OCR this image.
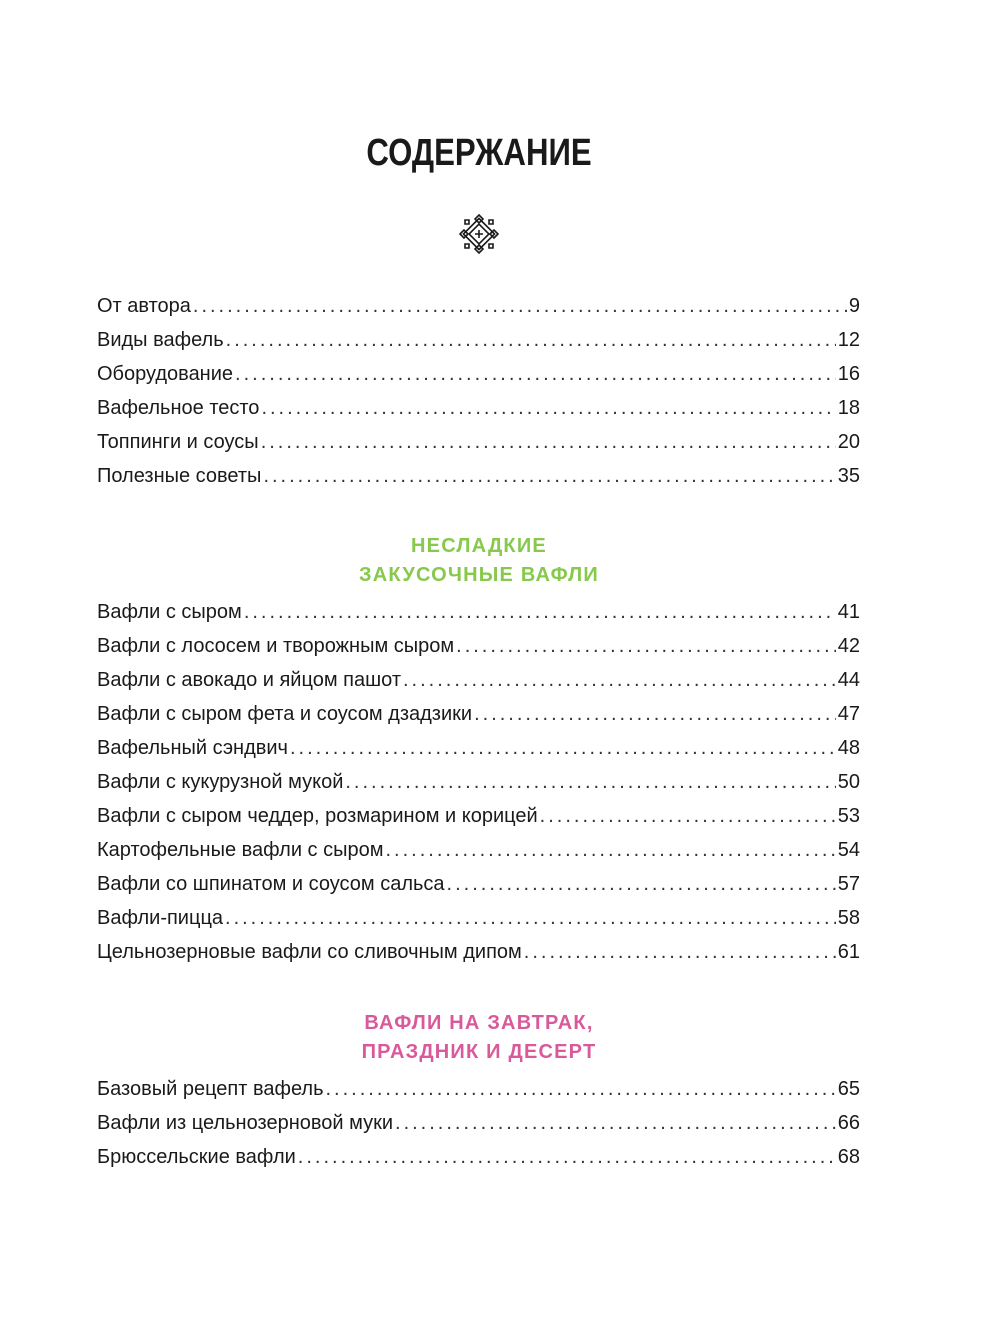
СОДЕРЖАНИЕ
От автора .....	9
Виды вафель .....	12
Оборудование .....	16
Вафельное тесто .....	18
Топпинги и соусы .....	20
Полезные советы .....	35
НЕСЛАДКИЕ
ЗАКУСОЧНЫЕ ВАФЛИ
Вафли с сыром .....	41
Вафли с лососем и творожным сыром .....	42
Вафли с авокадо и яйцом пашот .....	44
Вафли с сыром фета и соусом дзадзики .....	47
Вафельный сэндвич .....	48
Вафли с кукурузной мукой .....	50
Вафли с сыром чеддер, розмарином и корицей .....	53
Картофельные вафли с сыром .....	54
Вафли со шпинатом и соусом сальса .....	57
Вафли-пицца .....	58
Цельнозерновые вафли со сливочным дипом .....	61
ВАФЛИ НА ЗАВТРАК,
ПРАЗДНИК И ДЕСЕРТ
Базовый рецепт вафель .....	65
Вафли из цельнозерновой муки .....	66
Брюссельские вафли .....	68
